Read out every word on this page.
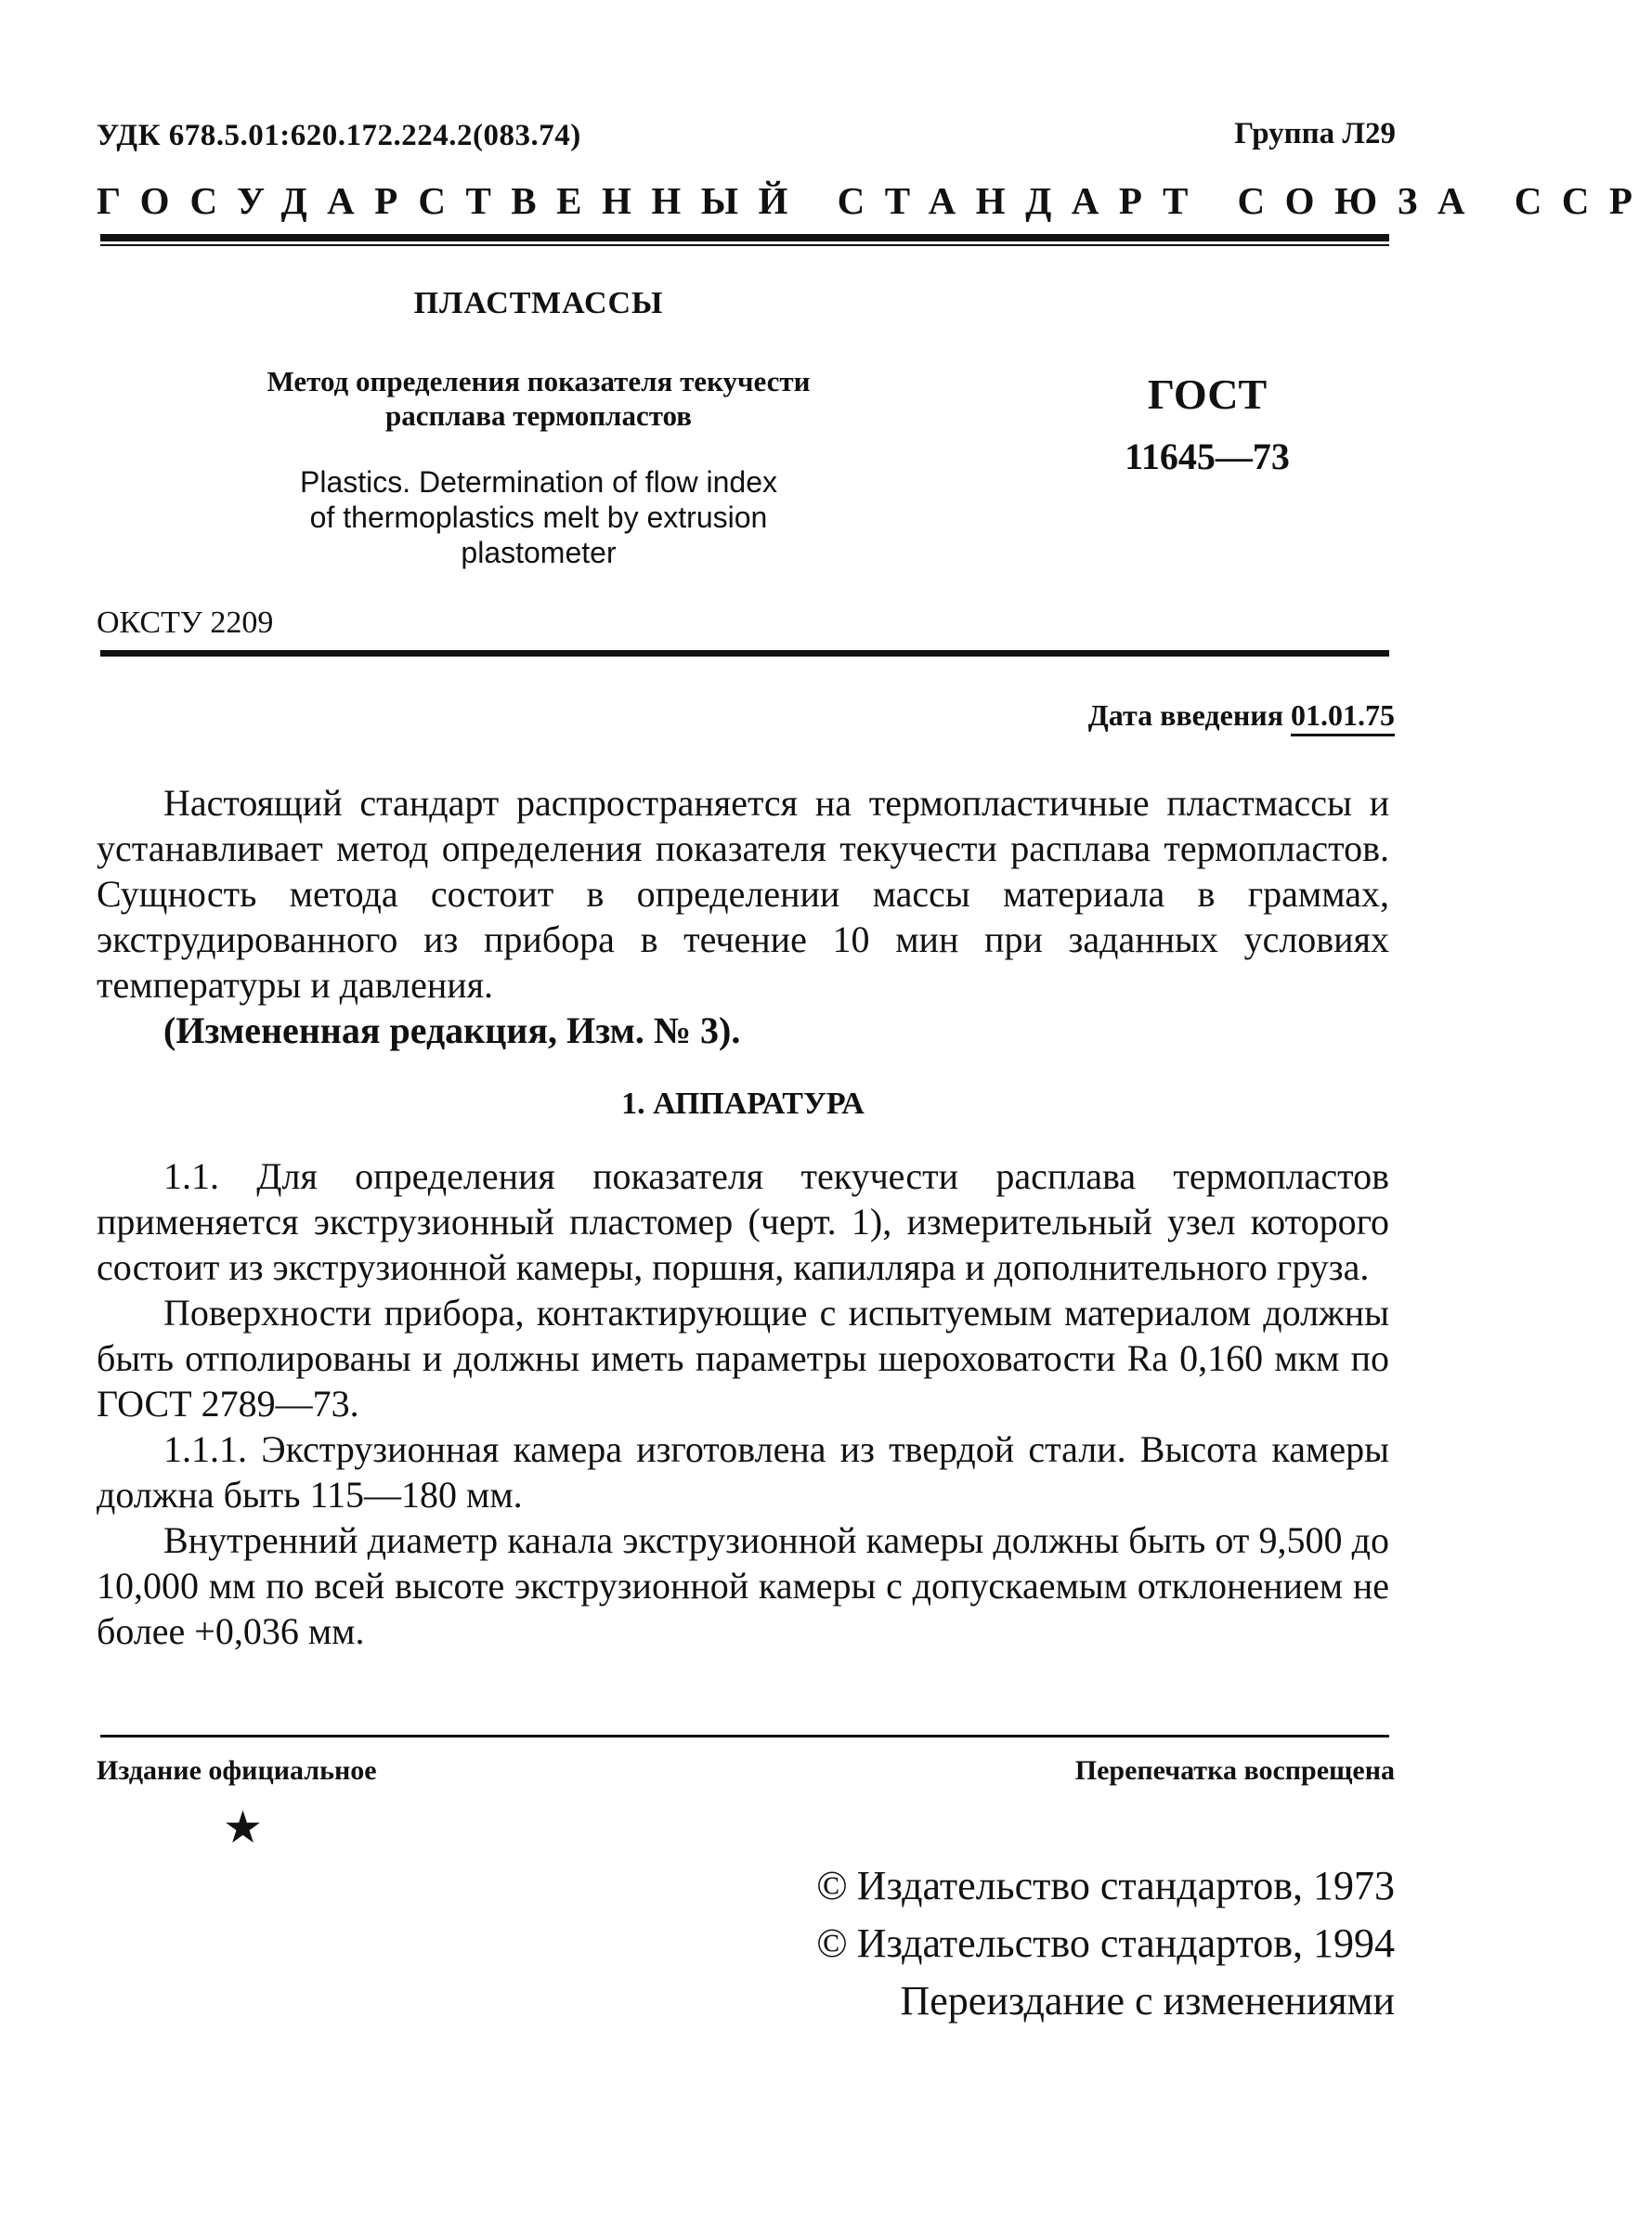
УДК 678.5.01:620.172.224.2(083.74)	Группа Л29
ГОСУДАРСТВЕННЫЙ СТАНДАРТ СОЮЗА ССР
ПЛАСТМАССЫ
Метод определения показателя текучести
расплава термопластов
Plastics. Determination of flow index
of thermoplastics melt by extrusion
plastometer
ГОСТ
11645—73
ОКСТУ 2209
Дата введения 01.01.75

Настоящий стандарт распространяется на термопластичные пластмассы и устанавливает метод определения показателя текучести расплава термопластов. Сущность метода состоит в определении массы материала в граммах, экструдированного из прибора в течение 10 мин при заданных условиях температуры и давления.

(Измененная редакция, Изм. № 3).

1. АППАРАТУРА

1.1. Для определения показателя текучести расплава термопластов применяется экструзионный пластомер (черт. 1), измерительный узел которого состоит из экструзионной камеры, поршня, капилляра и дополнительного груза.

Поверхности прибора, контактирующие с испытуемым материалом должны быть отполированы и должны иметь параметры шероховатости Ra 0,160 мкм по ГОСТ 2789—73.

1.1.1. Экструзионная камера изготовлена из твердой стали. Высота камеры должна быть 115—180 мм.

Внутренний диаметр канала экструзионной камеры должны быть от 9,500 до 10,000 мм по всей высоте экструзионной камеры с допускаемым отклонением не более +0,036 мм.

Издание официальное	Перепечатка воспрещена
★
© Издательство стандартов, 1973
© Издательство стандартов, 1994
Переиздание с изменениями
